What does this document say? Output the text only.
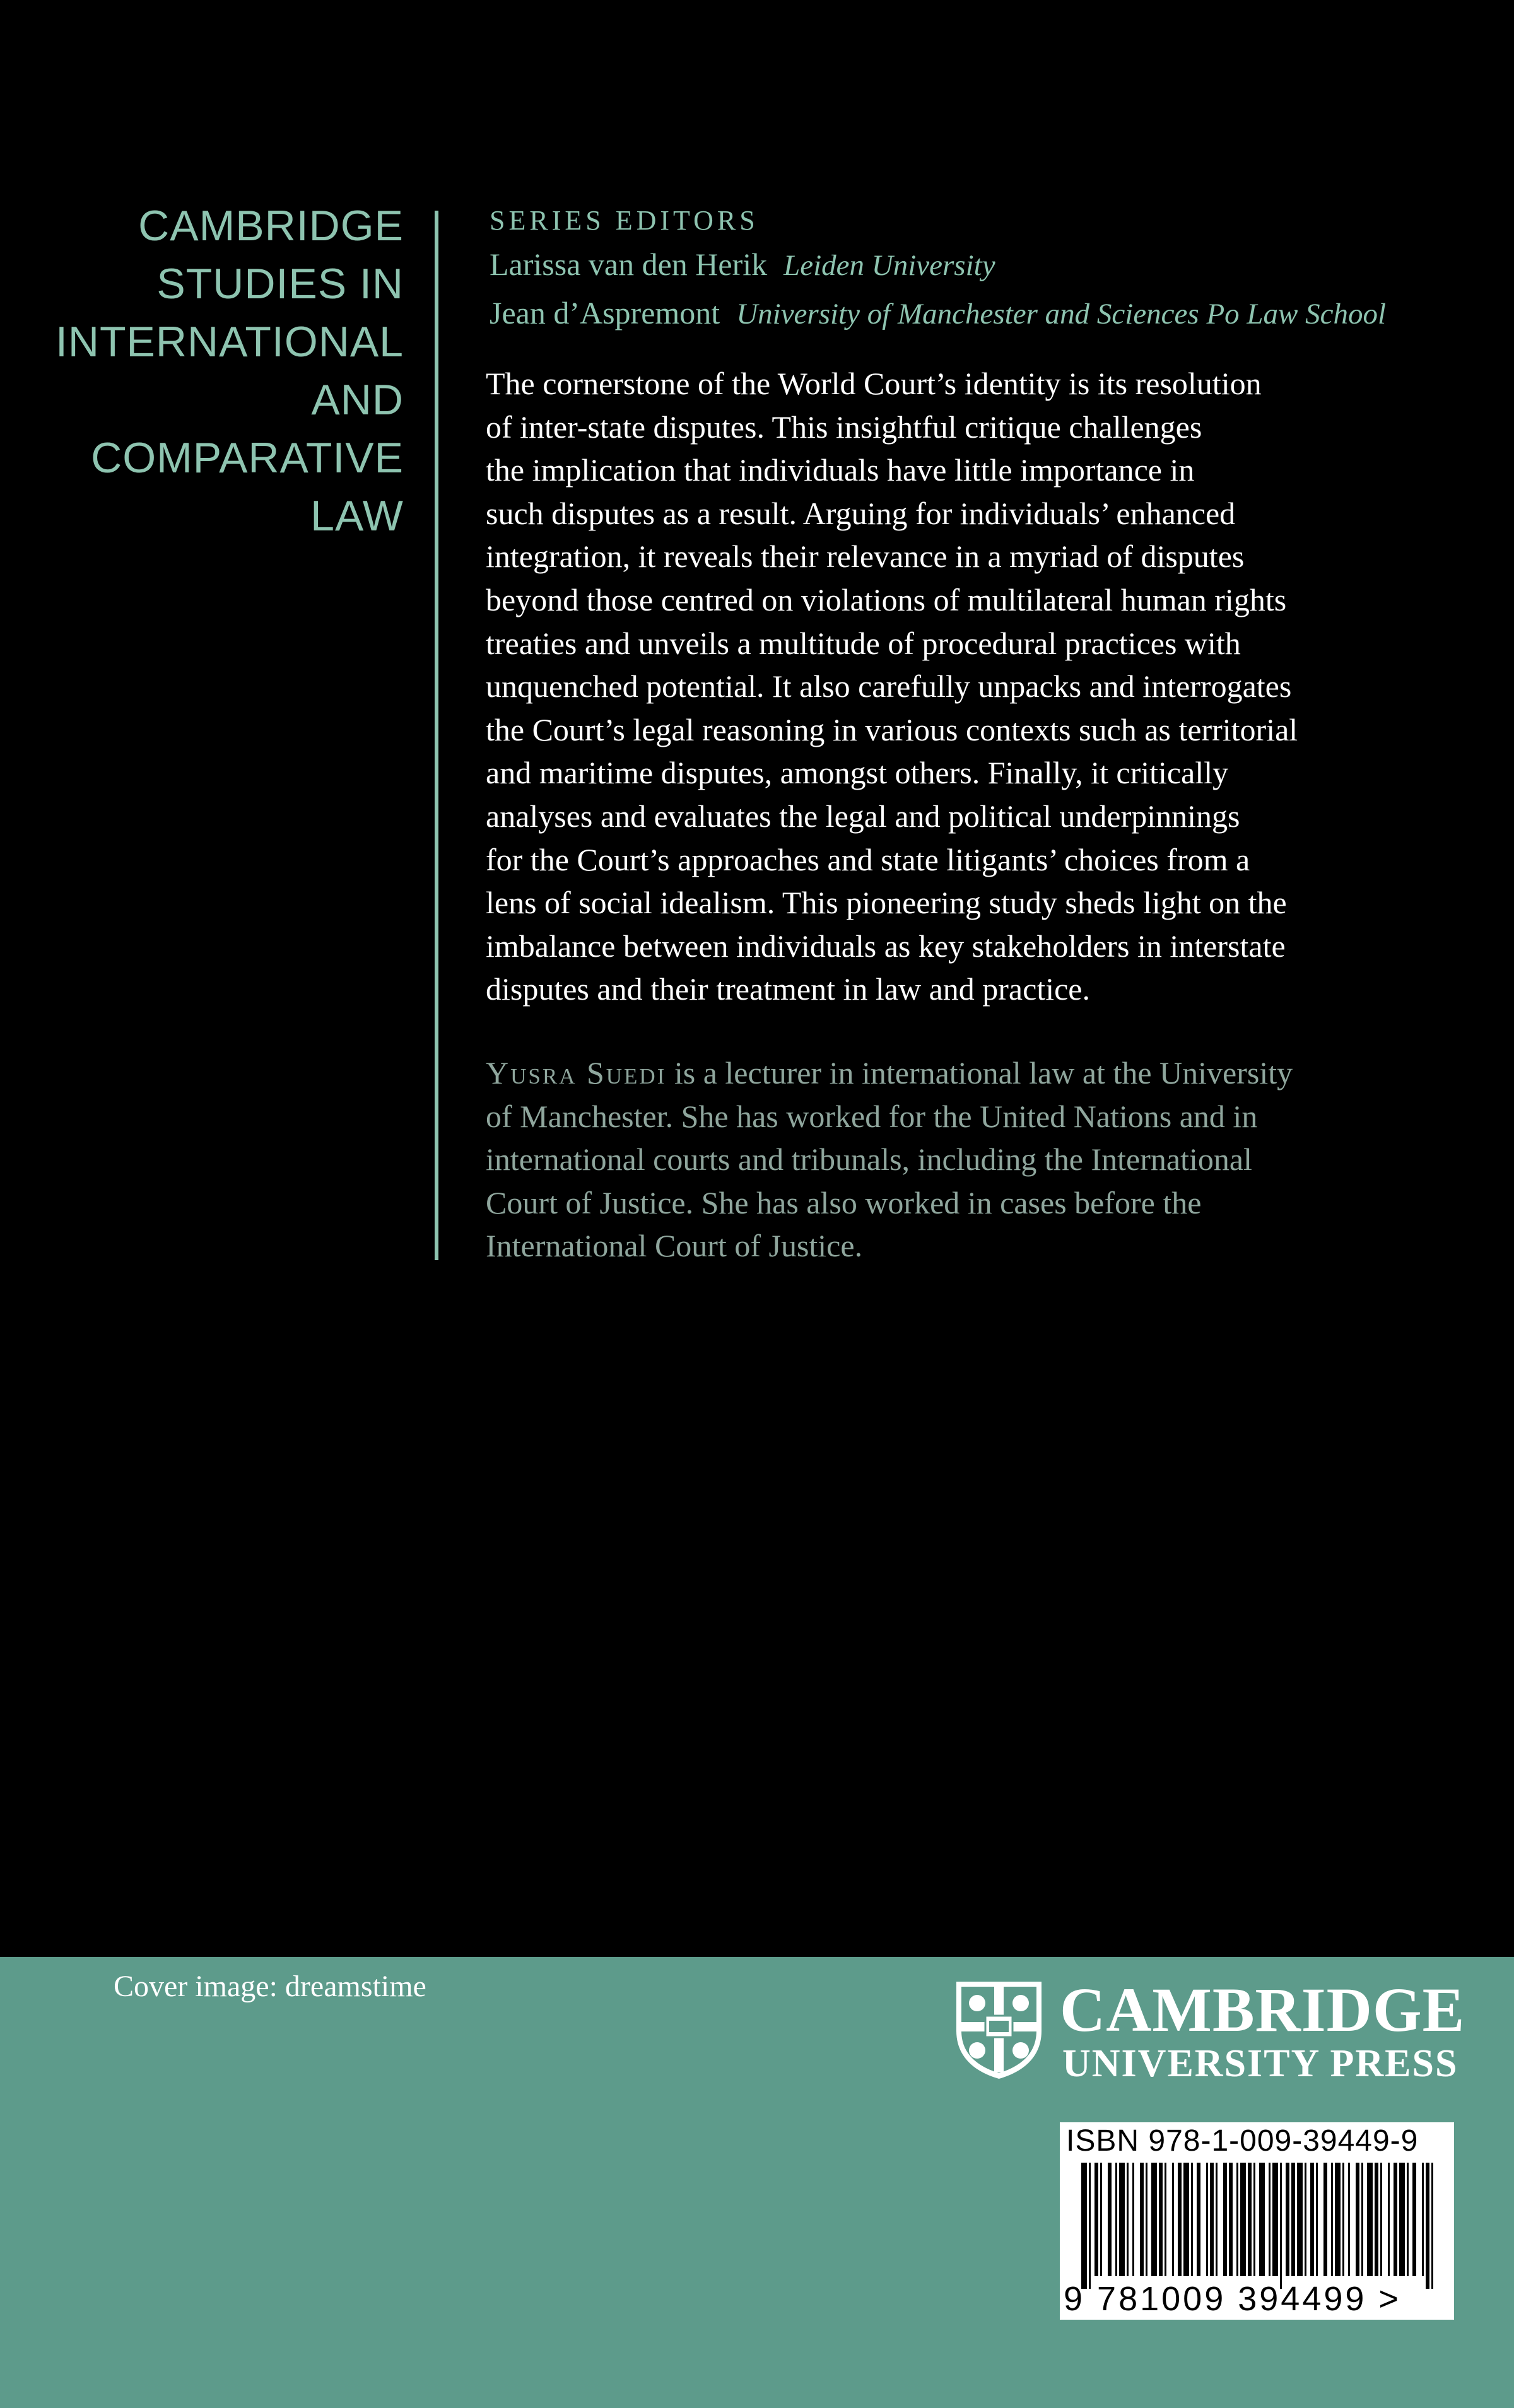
CAMBRIDGE
STUDIES IN
INTERNATIONAL
AND
COMPARATIVE
LAW
SERIES EDITORS
Larissa van den Herik Leiden University
Jean d’Aspremont University of Manchester and Sciences Po Law School
The cornerstone of the World Court’s identity is its resolution
of inter-state disputes. This insightful critique challenges
the implication that individuals have little importance in
such disputes as a result. Arguing for individuals’ enhanced
integration, it reveals their relevance in a myriad of disputes
beyond those centred on violations of multilateral human rights
treaties and unveils a multitude of procedural practices with
unquenched potential. It also carefully unpacks and interrogates
the Court’s legal reasoning in various contexts such as territorial
and maritime disputes, amongst others. Finally, it critically
analyses and evaluates the legal and political underpinnings
for the Court’s approaches and state litigants’ choices from a
lens of social idealism. This pioneering study sheds light on the
imbalance between individuals as key stakeholders in interstate
disputes and their treatment in law and practice.
Yusra Suedi is a lecturer in international law at the University
of Manchester. She has worked for the United Nations and in
international courts and tribunals, including the International
Court of Justice. She has also worked in cases before the
International Court of Justice.
Cover image: dreamstime	CAMBRIDGE
UNIVERSITY PRESS
9 781009 394499 >
ISBN 978-1-009-39449-9
